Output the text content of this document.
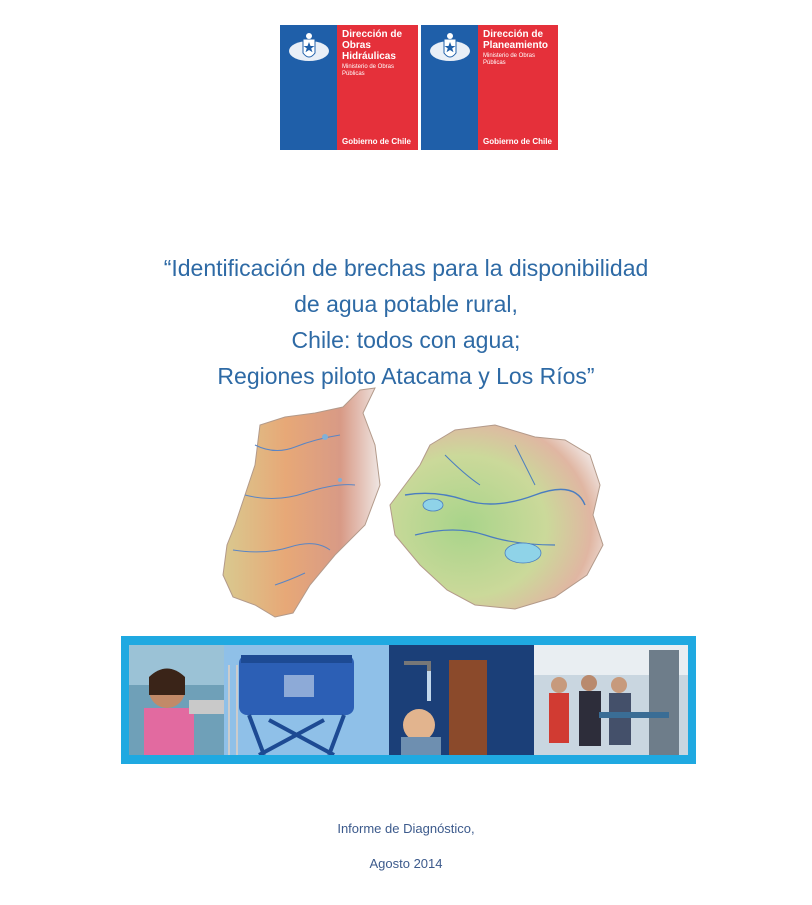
Dirección de
Obras
Hidráulicas
Ministerio de Obras
Públicas
Gobierno de Chile
Dirección de
Planeamiento
Ministerio de Obras
Públicas
Gobierno de Chile
“Identificación de brechas para la disponibilidad
de agua potable rural,
Chile: todos con agua;
Regiones piloto Atacama y Los Ríos”
Informe de Diagnóstico,
Agosto 2014
